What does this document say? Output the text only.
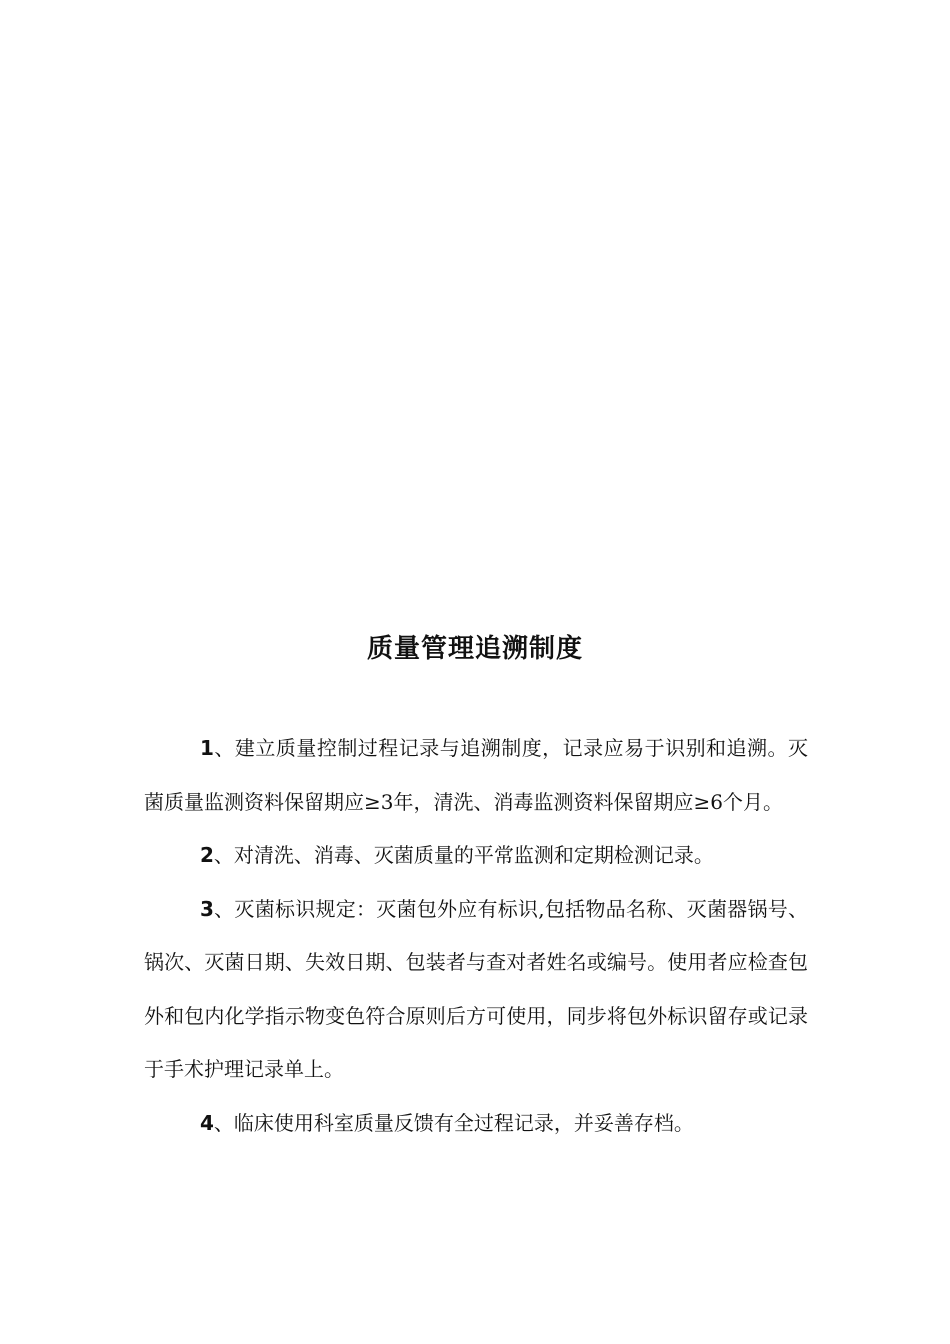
质量管理追溯制度

1、建立质量控制过程记录与追溯制度，记录应易于识别和追溯。灭菌质量监测资料保留期应≥3年，清洗、消毒监测资料保留期应≥6个月。

2、对清洗、消毒、灭菌质量的平常监测和定期检测记录。

3、灭菌标识规定：灭菌包外应有标识,包括物品名称、灭菌器锅号、锅次、灭菌日期、失效日期、包装者与查对者姓名或编号。使用者应检查包外和包内化学指示物变色符合原则后方可使用，同步将包外标识留存或记录于手术护理记录单上。

4、临床使用科室质量反馈有全过程记录，并妥善存档。
